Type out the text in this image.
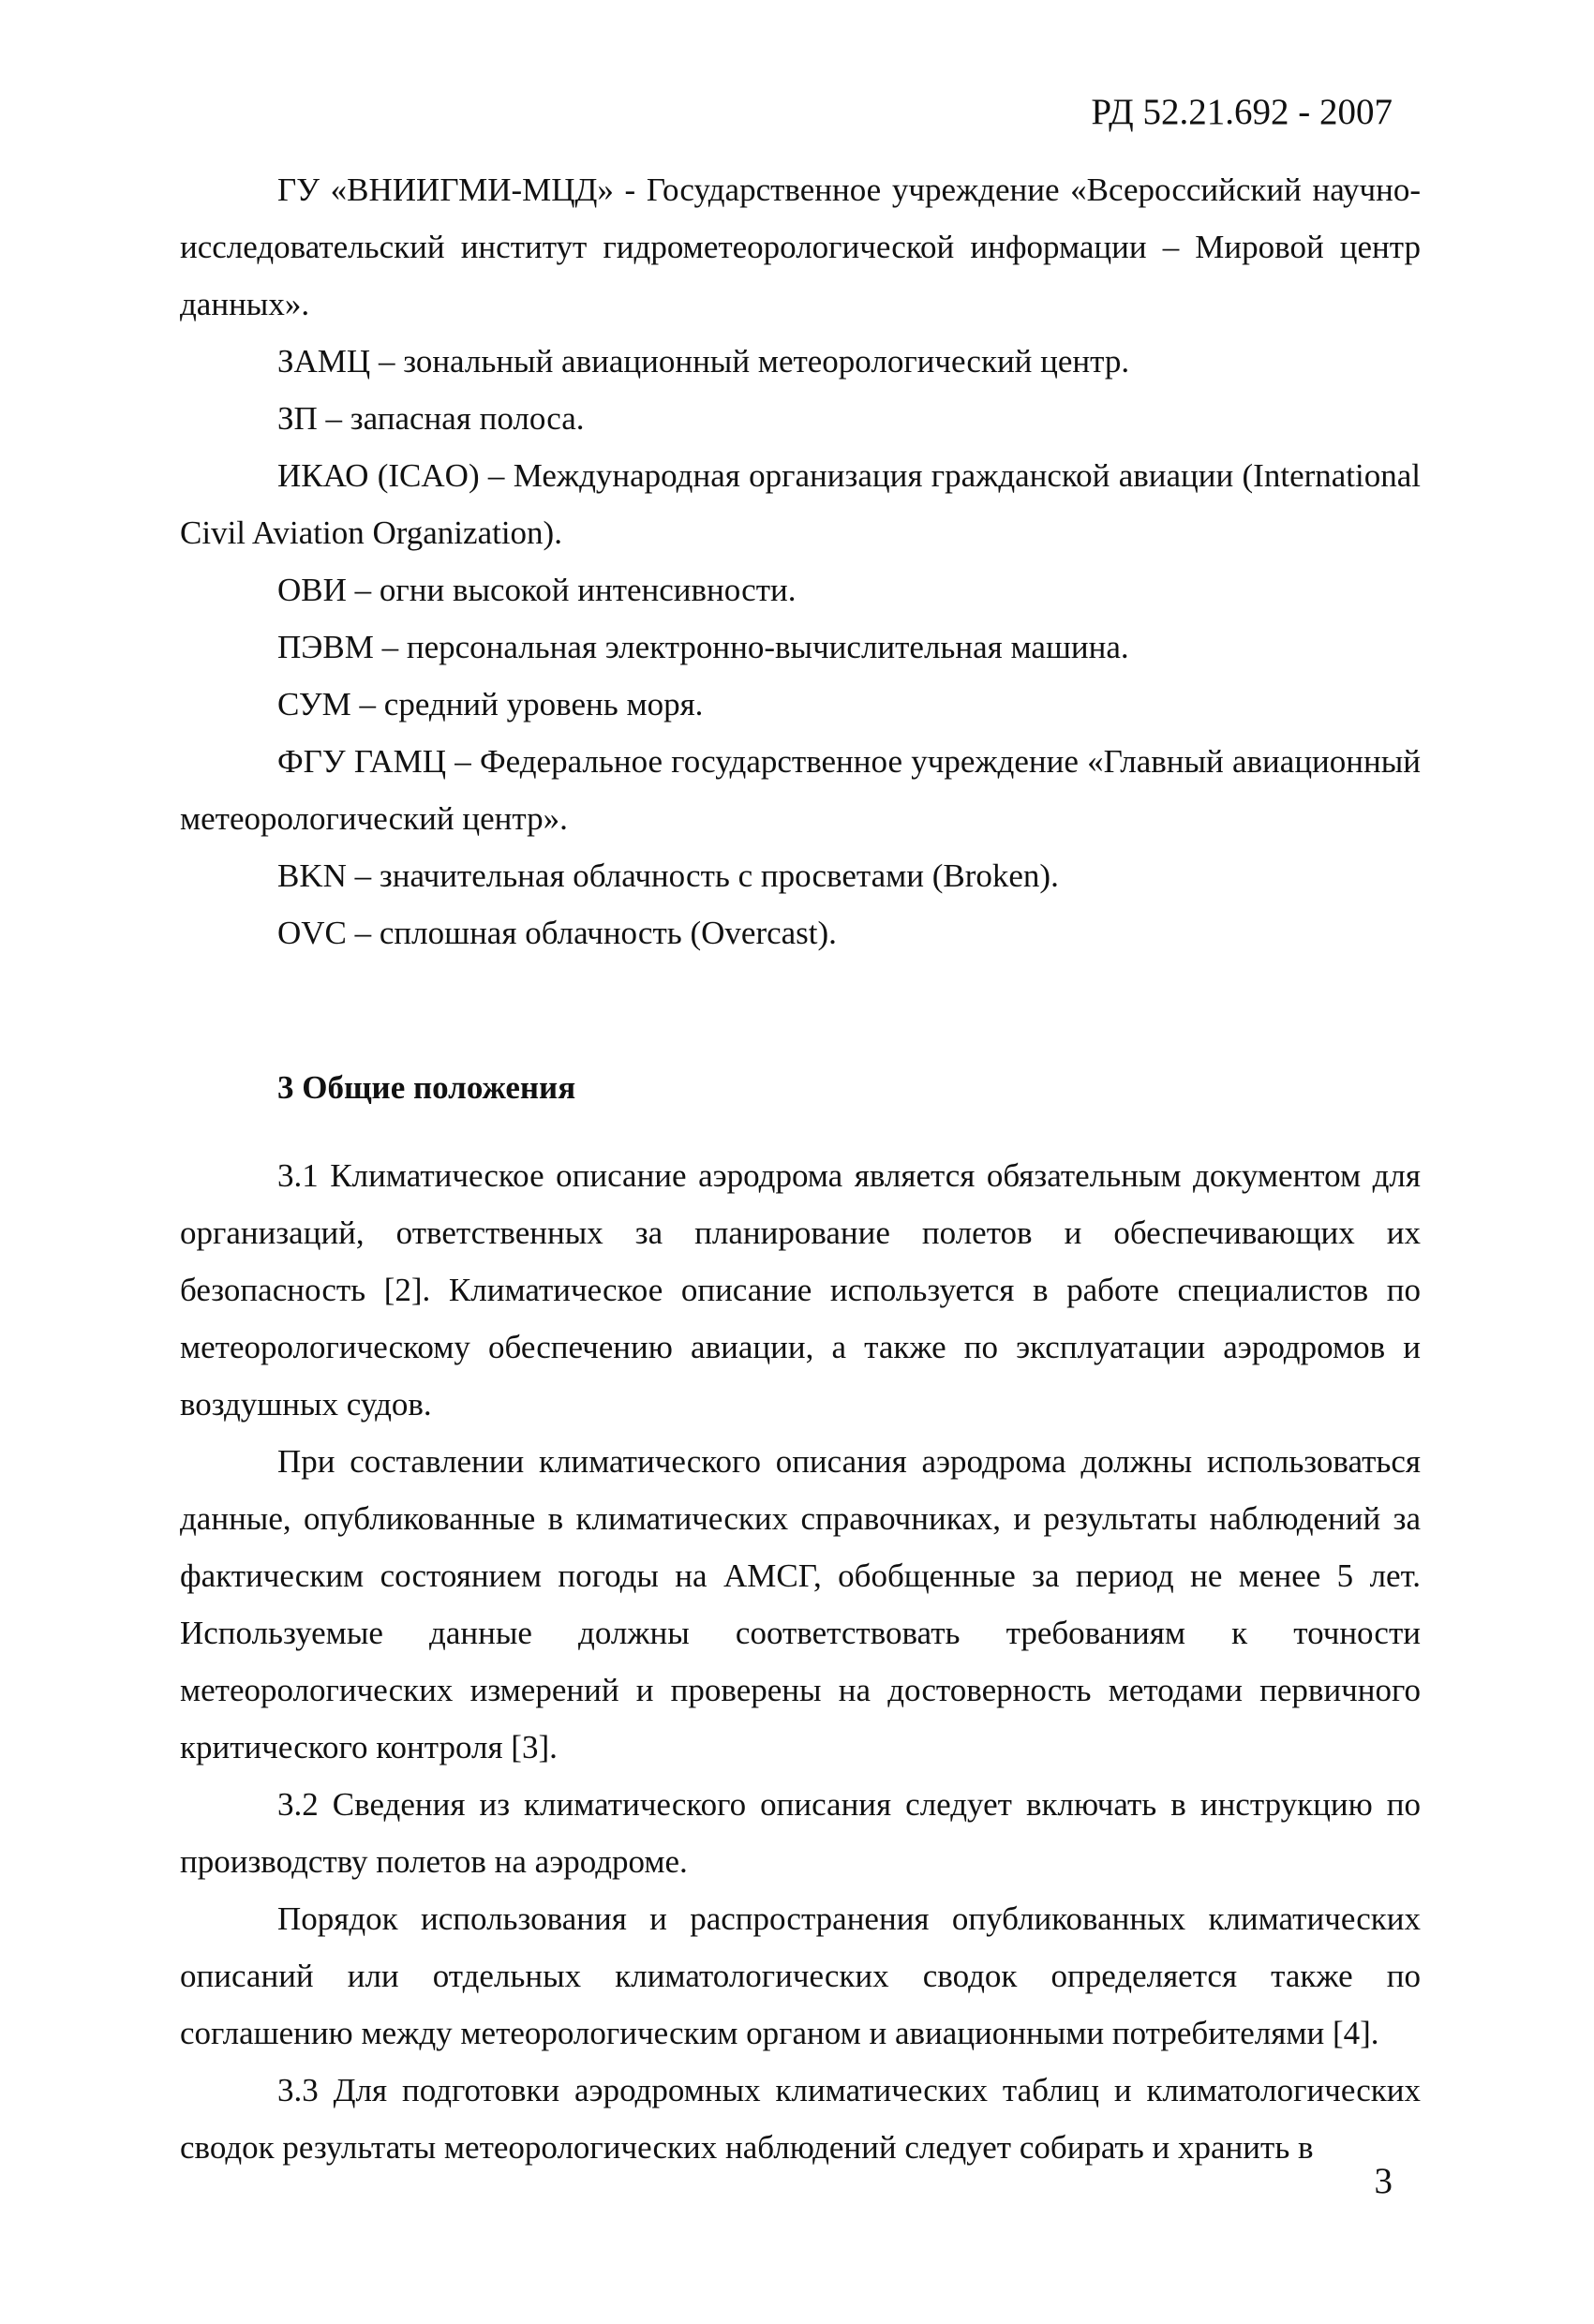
РД 52.21.692 - 2007

ГУ «ВНИИГМИ-МЦД» - Государственное учреждение «Всероссийский научно-исследовательский институт гидрометеорологической информации – Мировой центр данных».

ЗАМЦ – зональный авиационный метеорологический центр.

ЗП – запасная полоса.

ИКАО (ICAO) – Международная организация гражданской авиации (International Civil Aviation Organization).

ОВИ – огни высокой интенсивности.

ПЭВМ – персональная электронно-вычислительная машина.

СУМ – средний уровень моря.

ФГУ ГАМЦ – Федеральное государственное учреждение «Главный авиационный метеорологический центр».

BKN – значительная облачность с просветами (Broken).

OVC – сплошная облачность (Overcast).

3 Общие положения

3.1 Климатическое описание аэродрома является обязательным документом для организаций, ответственных за планирование полетов и обеспечивающих их безопасность [2]. Климатическое описание используется в работе специалистов по метеорологическому обеспечению авиации, а также по эксплуатации аэродромов и воздушных судов.

При составлении климатического описания аэродрома должны использоваться данные, опубликованные в климатических справочниках, и результаты наблюдений за фактическим состоянием погоды на АМСГ, обобщенные за период не менее 5 лет. Используемые данные должны соответствовать требованиям к точности метеорологических измерений и проверены на достоверность методами первичного критического контроля [3].

3.2 Сведения из климатического описания следует включать в инструкцию по производству полетов на аэродроме.

Порядок использования и распространения опубликованных климатических описаний или отдельных климатологических сводок определяется также по соглашению между метеорологическим органом и авиационными потребителями [4].

3.3 Для подготовки аэродромных климатических таблиц и климатологических сводок результаты метеорологических наблюдений следует собирать и хранить в

3
